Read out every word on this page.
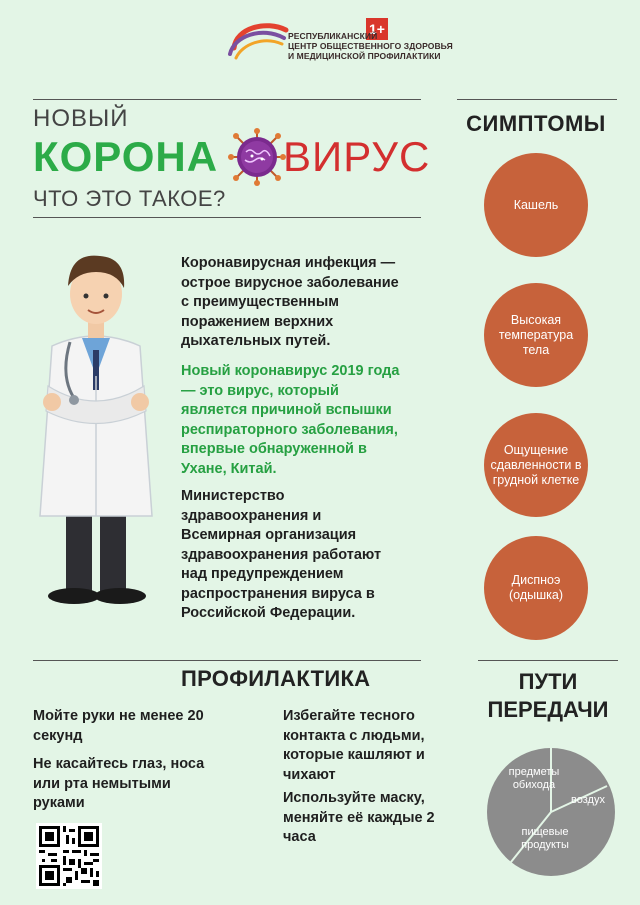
1+
РЕСПУБЛИКАНСКИЙ
ЦЕНТР ОБЩЕСТВЕННОГО ЗДОРОВЬЯ
И МЕДИЦИНСКОЙ ПРОФИЛАКТИКИ
НОВЫЙ
КОРОНА ВИРУС
ЧТО ЭТО ТАКОЕ?
Коронавирусная инфекция — острое вирусное заболевание с преимущественным поражением верхних дыхательных путей.
Новый коронавирус 2019 года — это вирус, который является причиной вспышки респираторного заболевания, впервые обнаруженной в Ухане, Китай.
Министерство здравоохранения и Всемирная организация здравоохранения работают над предупреждением распространения вируса в Российской Федерации.
СИМПТОМЫ
Кашель
Высокая температура тела
Ощущение сдавленности в грудной клетке
Диспноэ (одышка)
ПРОФИЛАКТИКА
Мойте руки не менее 20 секунд
Не касайтесь глаз, носа или рта немытыми руками
Избегайте тесного контакта с людьми, которые кашляют и чихают
Используйте маску, меняйте её каждые 2 часа
ПУТИ ПЕРЕДАЧИ
предметы обихода
воздух
пищевые продукты
